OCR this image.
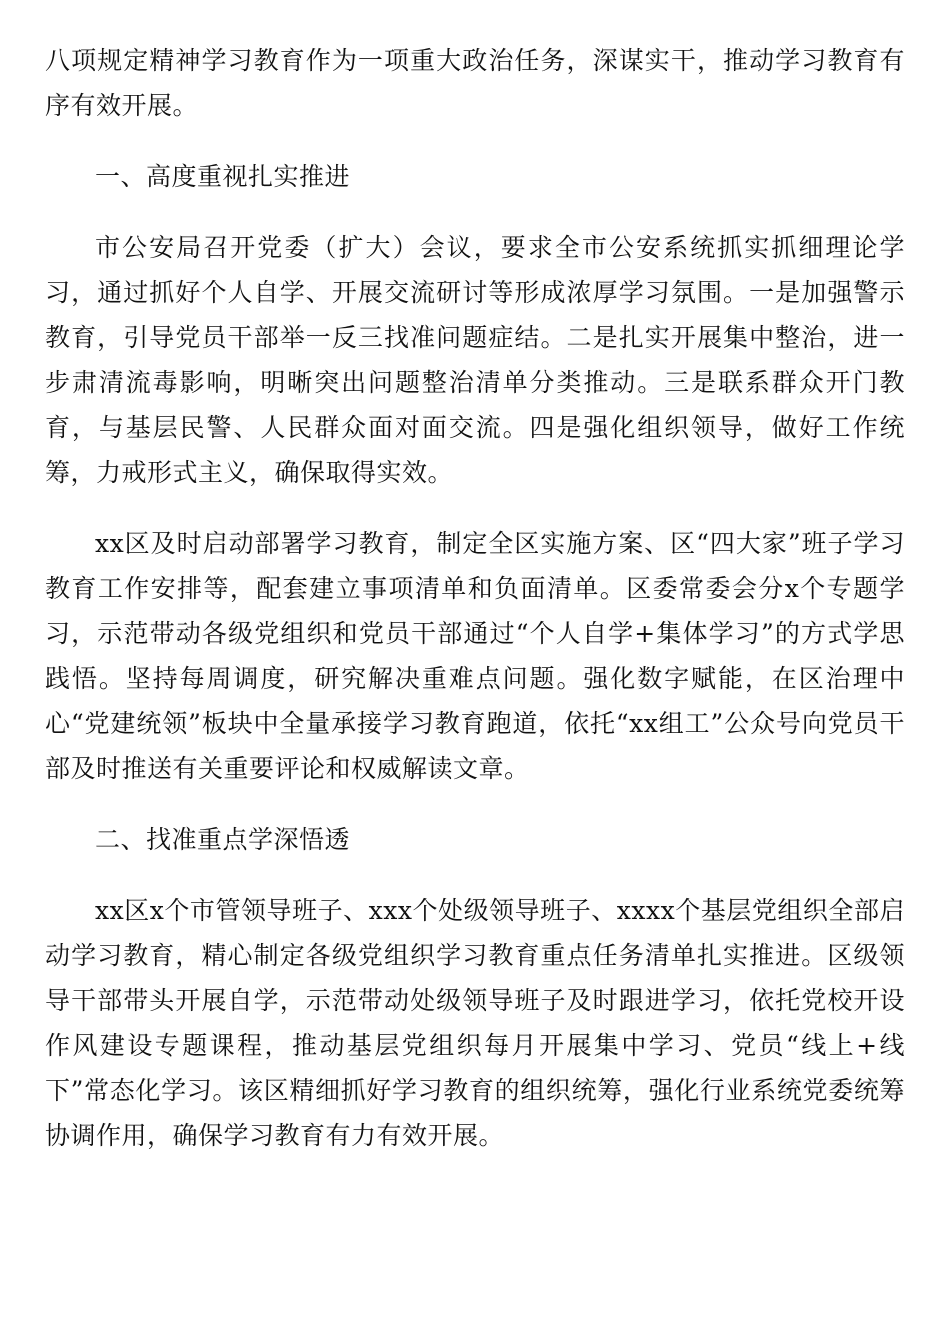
八项规定精神学习教育作为一项重大政治任务，深谋实干，推动学习教育有序有效开展。

一、高度重视扎实推进

市公安局召开党委（扩大）会议，要求全市公安系统抓实抓细理论学习，通过抓好个人自学、开展交流研讨等形成浓厚学习氛围。一是加强警示教育，引导党员干部举一反三找准问题症结。二是扎实开展集中整治，进一步肃清流毒影响，明晰突出问题整治清单分类推动。三是联系群众开门教育，与基层民警、人民群众面对面交流。四是强化组织领导，做好工作统筹，力戒形式主义，确保取得实效。

xx区及时启动部署学习教育，制定全区实施方案、区“四大家”班子学习教育工作安排等，配套建立事项清单和负面清单。区委常委会分x个专题学习，示范带动各级党组织和党员干部通过“个人自学+集体学习”的方式学思践悟。坚持每周调度，研究解决重难点问题。强化数字赋能，在区治理中心“党建统领”板块中全量承接学习教育跑道，依托“xx组工”公众号向党员干部及时推送有关重要评论和权威解读文章。

二、找准重点学深悟透

xx区x个市管领导班子、xxx个处级领导班子、xxxx个基层党组织全部启动学习教育，精心制定各级党组织学习教育重点任务清单扎实推进。区级领导干部带头开展自学，示范带动处级领导班子及时跟进学习，依托党校开设作风建设专题课程，推动基层党组织每月开展集中学习、党员“线上+线下”常态化学习。该区精细抓好学习教育的组织统筹，强化行业系统党委统筹协调作用，确保学习教育有力有效开展。
